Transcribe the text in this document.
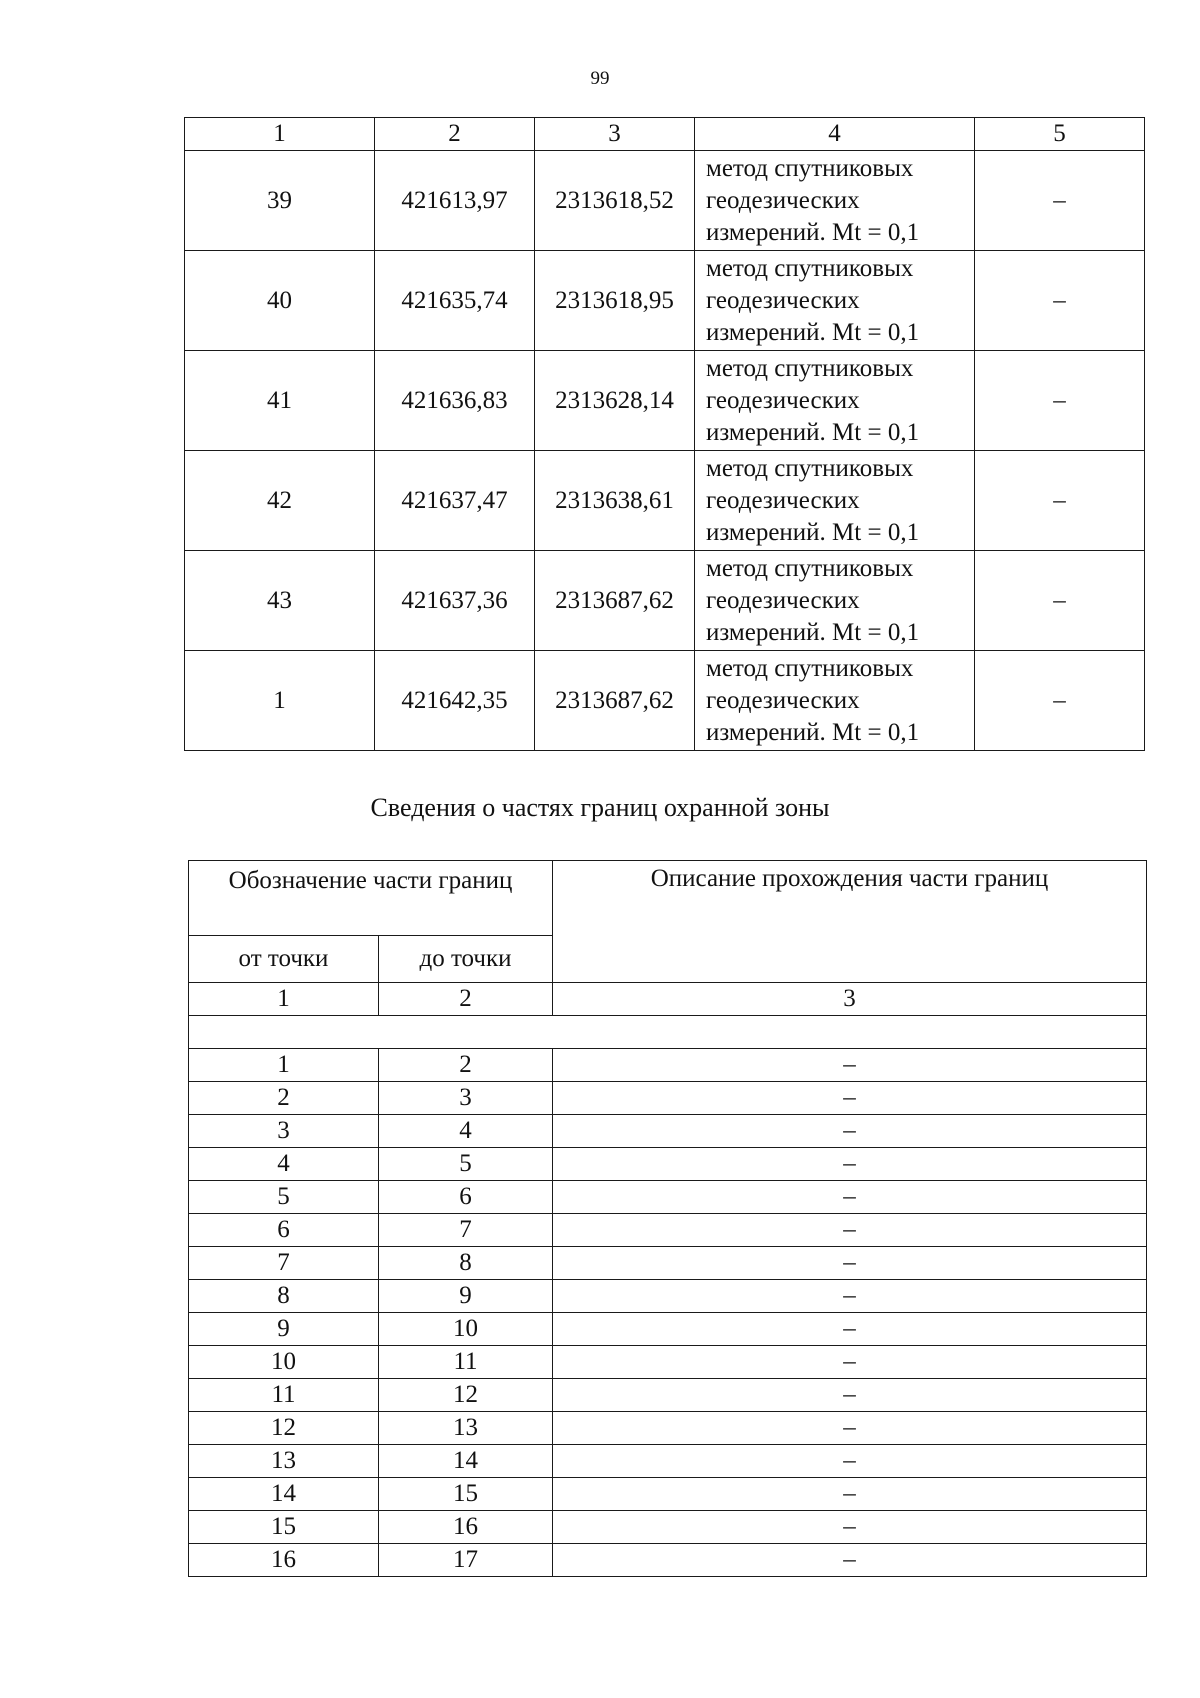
99
1	2	3	4	5
39	421613,97	2313618,52	метод спутниковых
геодезических
измерений. Mt = 0,1	–
40	421635,74	2313618,95	метод спутниковых
геодезических
измерений. Mt = 0,1	–
41	421636,83	2313628,14	метод спутниковых
геодезических
измерений. Mt = 0,1	–
42	421637,47	2313638,61	метод спутниковых
геодезических
измерений. Mt = 0,1	–
43	421637,36	2313687,62	метод спутниковых
геодезических
измерений. Mt = 0,1	–
1	421642,35	2313687,62	метод спутниковых
геодезических
измерений. Mt = 0,1	–
Сведения о частях границ охранной зоны
Обозначение части границ		Описание прохождения части границ
от точки	до точки	
1	2	3

1	2	–
2	3	–
3	4	–
4	5	–
5	6	–
6	7	–
7	8	–
8	9	–
9	10	–
10	11	–
11	12	–
12	13	–
13	14	–
14	15	–
15	16	–
16	17	–
